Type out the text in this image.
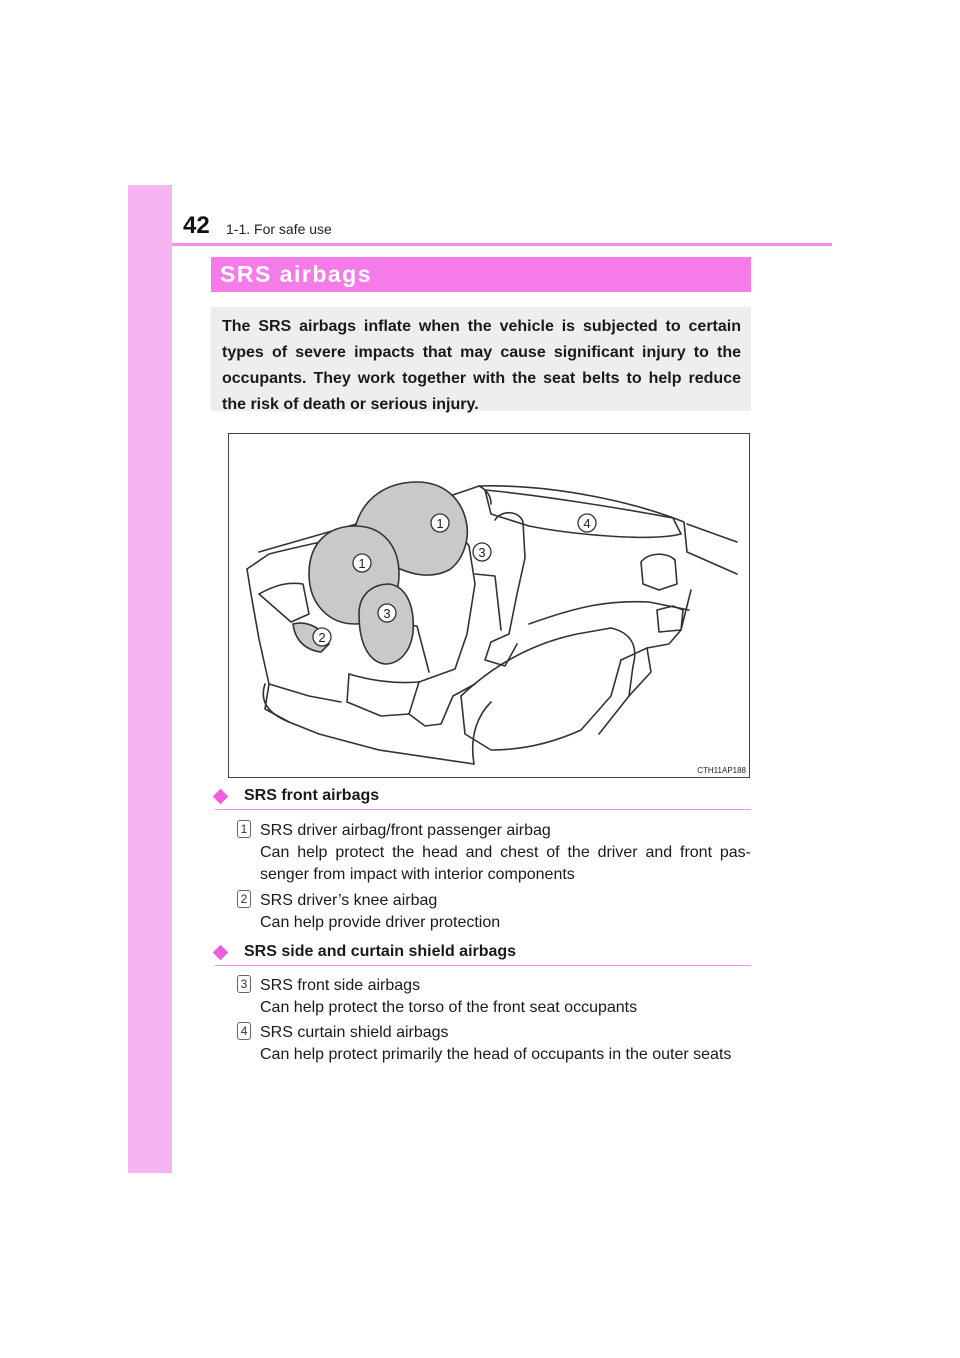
42 1-1. For safe use
SRS airbags
The SRS airbags inflate when the vehicle is subjected to certain types of severe impacts that may cause significant injury to the occupants. They work together with the seat belts to help reduce the risk of death or serious injury.
1
1
2
3
3
4
CTH11AP188
SRS front airbags
1 SRS driver airbag/front passenger airbag
Can help protect the head and chest of the driver and front pas-senger from impact with interior components
2 SRS driver’s knee airbag
Can help provide driver protection
SRS side and curtain shield airbags
3 SRS front side airbags
Can help protect the torso of the front seat occupants
4 SRS curtain shield airbags
Can help protect primarily the head of occupants in the outer seats
